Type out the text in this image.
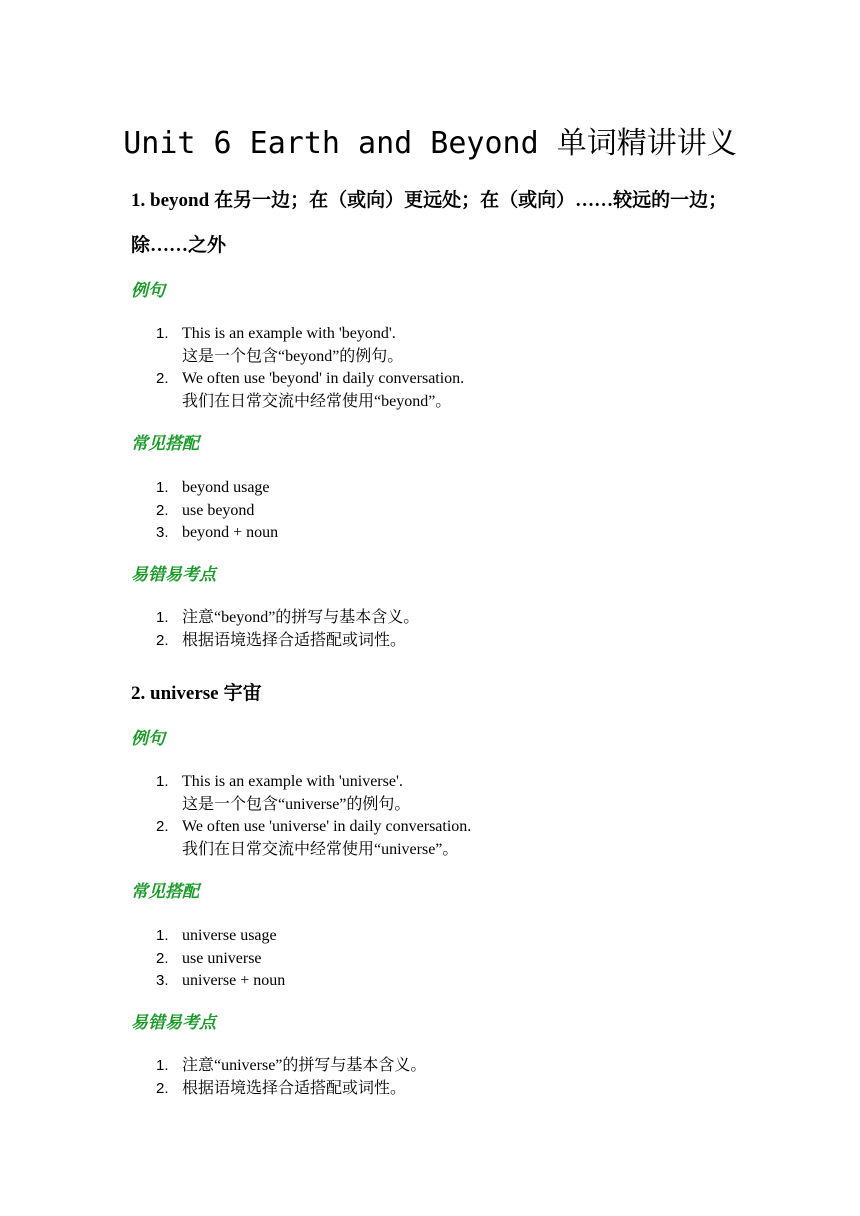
Unit 6 Earth and Beyond 单词精讲讲义
1. beyond 在另一边；在（或向）更远处；在（或向）……较远的一边；除……之外
例句
1. This is an example with 'beyond'.
这是一个包含“beyond”的例句。
2. We often use 'beyond' in daily conversation.
我们在日常交流中经常使用“beyond”。
常见搭配
1. beyond usage
2. use beyond
3. beyond + noun
易错易考点
1. 注意“beyond”的拼写与基本含义。
2. 根据语境选择合适搭配或词性。
2. universe 宇宙
例句
1. This is an example with 'universe'.
这是一个包含“universe”的例句。
2. We often use 'universe' in daily conversation.
我们在日常交流中经常使用“universe”。
常见搭配
1. universe usage
2. use universe
3. universe + noun
易错易考点
1. 注意“universe”的拼写与基本含义。
2. 根据语境选择合适搭配或词性。
